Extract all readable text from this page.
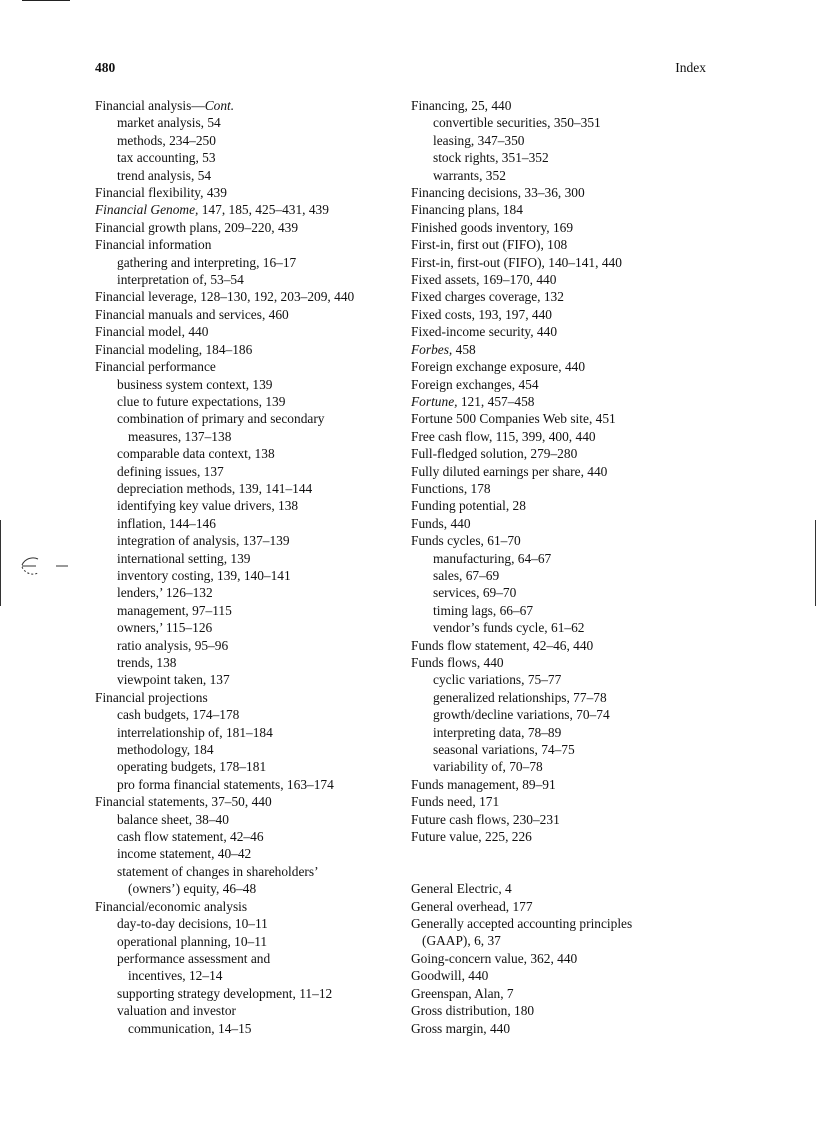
480	Index
Financial analysis—Cont.
market analysis, 54
methods, 234–250
tax accounting, 53
trend analysis, 54
Financial flexibility, 439
Financial Genome, 147, 185, 425–431, 439
Financial growth plans, 209–220, 439
Financial information
gathering and interpreting, 16–17
interpretation of, 53–54
Financial leverage, 128–130, 192, 203–209, 440
Financial manuals and services, 460
Financial model, 440
Financial modeling, 184–186
Financial performance
business system context, 139
clue to future expectations, 139
combination of primary and secondary
measures, 137–138
comparable data context, 138
defining issues, 137
depreciation methods, 139, 141–144
identifying key value drivers, 138
inflation, 144–146
integration of analysis, 137–139
international setting, 139
inventory costing, 139, 140–141
lenders,’ 126–132
management, 97–115
owners,’ 115–126
ratio analysis, 95–96
trends, 138
viewpoint taken, 137
Financial projections
cash budgets, 174–178
interrelationship of, 181–184
methodology, 184
operating budgets, 178–181
pro forma financial statements, 163–174
Financial statements, 37–50, 440
balance sheet, 38–40
cash flow statement, 42–46
income statement, 40–42
statement of changes in shareholders’
(owners’) equity, 46–48
Financial/economic analysis
day-to-day decisions, 10–11
operational planning, 10–11
performance assessment and
incentives, 12–14
supporting strategy development, 11–12
valuation and investor
communication, 14–15
Financing, 25, 440
convertible securities, 350–351
leasing, 347–350
stock rights, 351–352
warrants, 352
Financing decisions, 33–36, 300
Financing plans, 184
Finished goods inventory, 169
First-in, first out (FIFO), 108
First-in, first-out (FIFO), 140–141, 440
Fixed assets, 169–170, 440
Fixed charges coverage, 132
Fixed costs, 193, 197, 440
Fixed-income security, 440
Forbes, 458
Foreign exchange exposure, 440
Foreign exchanges, 454
Fortune, 121, 457–458
Fortune 500 Companies Web site, 451
Free cash flow, 115, 399, 400, 440
Full-fledged solution, 279–280
Fully diluted earnings per share, 440
Functions, 178
Funding potential, 28
Funds, 440
Funds cycles, 61–70
manufacturing, 64–67
sales, 67–69
services, 69–70
timing lags, 66–67
vendor’s funds cycle, 61–62
Funds flow statement, 42–46, 440
Funds flows, 440
cyclic variations, 75–77
generalized relationships, 77–78
growth/decline variations, 70–74
interpreting data, 78–89
seasonal variations, 74–75
variability of, 70–78
Funds management, 89–91
Funds need, 171
Future cash flows, 230–231
Future value, 225, 226
General Electric, 4
General overhead, 177
Generally accepted accounting principles
(GAAP), 6, 37
Going-concern value, 362, 440
Goodwill, 440
Greenspan, Alan, 7
Gross distribution, 180
Gross margin, 440
